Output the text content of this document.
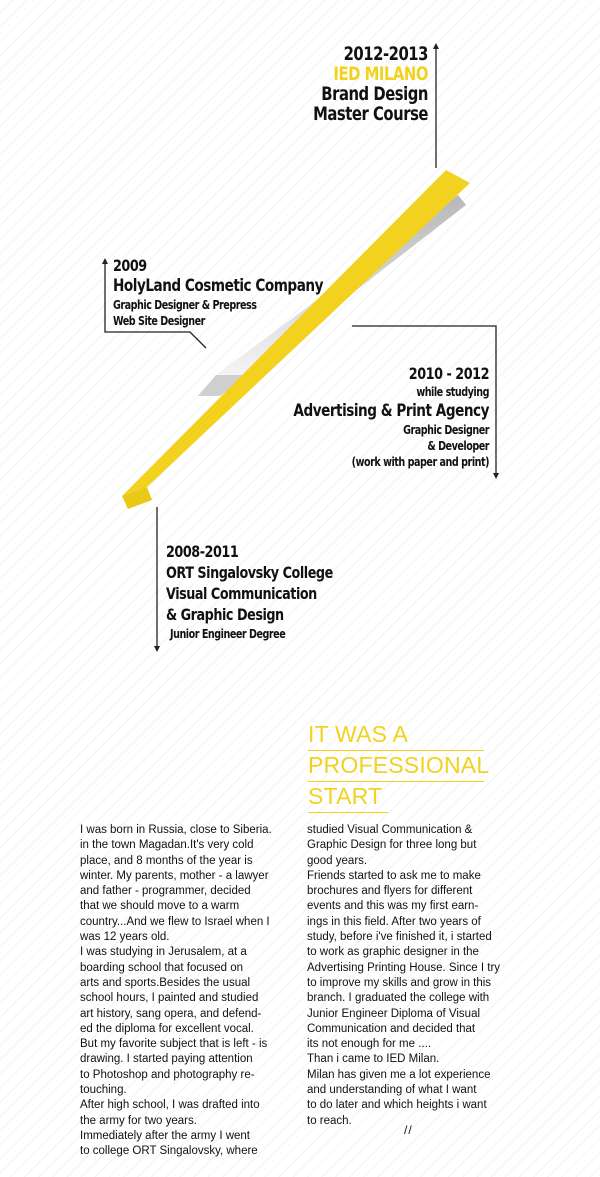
2012-2013
IED MILANO
Brand Design
Master Course
2009
HolyLand Cosmetic Company
Graphic Designer & Prepress
Web Site Designer
2010 - 2012
while studying
Advertising & Print Agency
Graphic Designer
& Developer
(work with paper and print)
2008-2011
ORT Singalovsky College
Visual Communication
& Graphic Design
Junior Engineer Degree
IT WAS A
PROFESSIONAL
START
I was born in Russia, close to Siberia.
in the town Magadan.It's very cold
place, and 8 months of the year is
winter. My parents, mother - a lawyer
and father - programmer, decided
that we should move to a warm
country...And we flew to Israel when I
was 12 years old.
I was studying in Jerusalem, at a
boarding school that focused on
arts and sports.Besides the usual
school hours, I painted and studied
art history, sang opera, and defend-
ed the diploma for excellent vocal.
But my favorite subject that is left - is
drawing. I started paying attention
to Photoshop and photography re-
touching.
After high school, I was drafted into
the army for two years.
Immediately after the army I went
to college ORT Singalovsky, where
studied Visual Communication &
Graphic Design for three long but
good years.
Friends started to ask me to make
brochures and flyers for different
events and this was my first earn-
ings in this field. After two years of
study, before i've finished it, i started
to work as graphic designer in the
Advertising Printing House. Since I try
to improve my skills and grow in this
branch. I graduated the college with
Junior Engineer Diploma of Visual
Communication and decided that
its not enough for me ....
Than i came to IED Milan.
Milan has given me a lot experience
and understanding of what I want
to do later and which heights i want
to reach.
//
